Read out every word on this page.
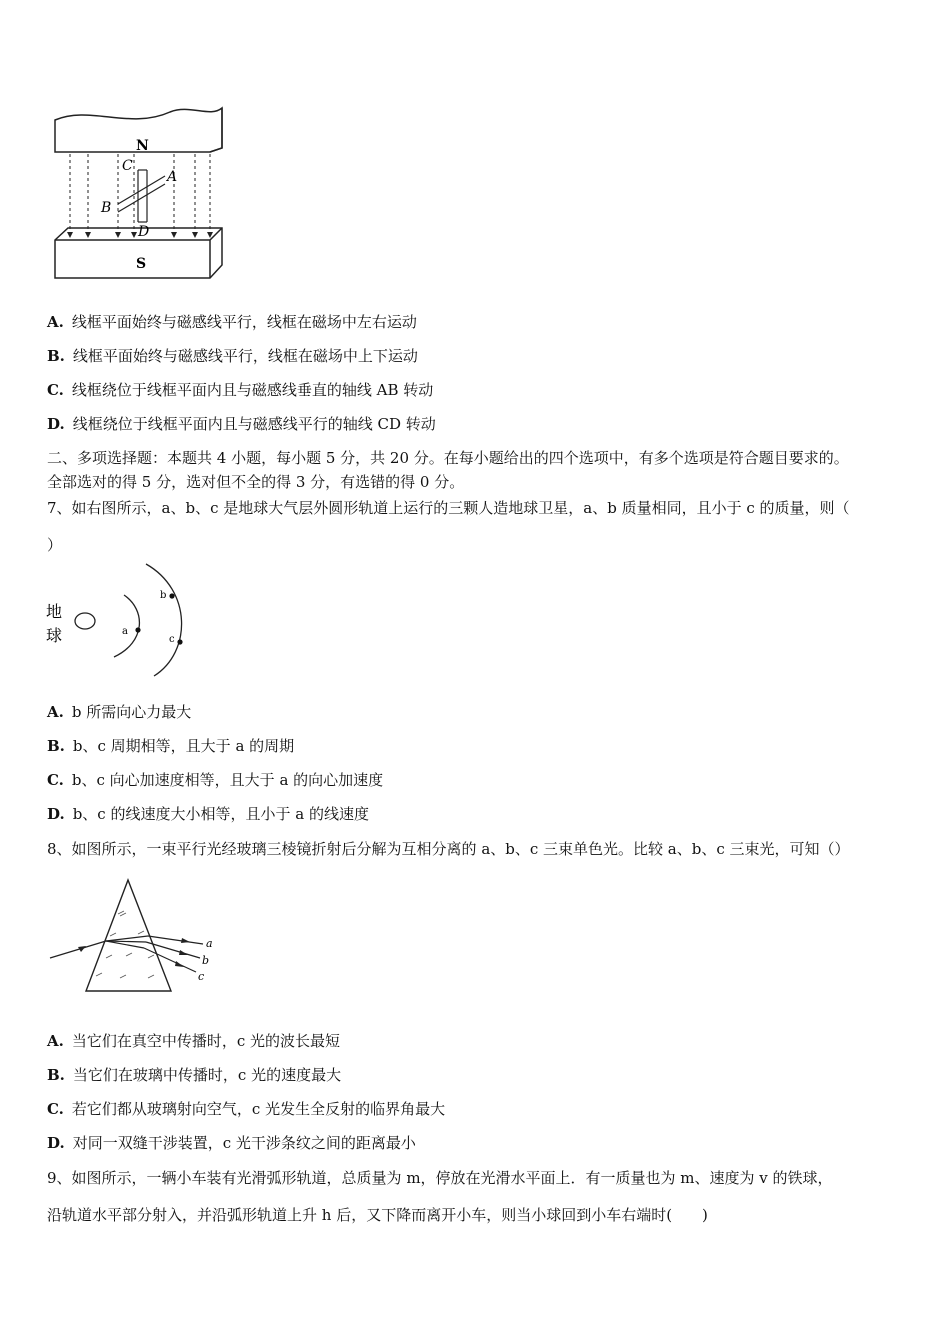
N
C
A
B
D
S
A. 线框平面始终与磁感线平行，线框在磁场中左右运动
B. 线框平面始终与磁感线平行，线框在磁场中上下运动
C. 线框绕位于线框平面内且与磁感线垂直的轴线 AB 转动
D. 线框绕位于线框平面内且与磁感线平行的轴线 CD 转动
二、多项选择题：本题共 4 小题，每小题 5 分，共 20 分。在每小题给出的四个选项中，有多个选项是符合题目要求的。
全部选对的得 5 分，选对但不全的得 3 分，有选错的得 0 分。
7、如右图所示，a、b、c 是地球大气层外圆形轨道上运行的三颗人造地球卫星，a、b 质量相同，且小于 c 的质量，则（
）
地
球	a
b
c
A. b 所需向心力最大
B. b、c 周期相等，且大于 a 的周期
C. b、c 向心加速度相等，且大于 a 的向心加速度
D. b、c 的线速度大小相等，且小于 a 的线速度
8、如图所示，一束平行光经玻璃三棱镜折射后分解为互相分离的 a、b、c 三束单色光。比较 a、b、c 三束光，可知（）
a
b
c
A. 当它们在真空中传播时，c 光的波长最短
B. 当它们在玻璃中传播时，c 光的速度最大
C. 若它们都从玻璃射向空气，c 光发生全反射的临界角最大
D. 对同一双缝干涉装置，c 光干涉条纹之间的距离最小
9、如图所示，一辆小车装有光滑弧形轨道，总质量为 m，停放在光滑水平面上．有一质量也为 m、速度为 v 的铁球，
沿轨道水平部分射入，并沿弧形轨道上升 h 后，又下降而离开小车，则当小球回到小车右端时(　　)
